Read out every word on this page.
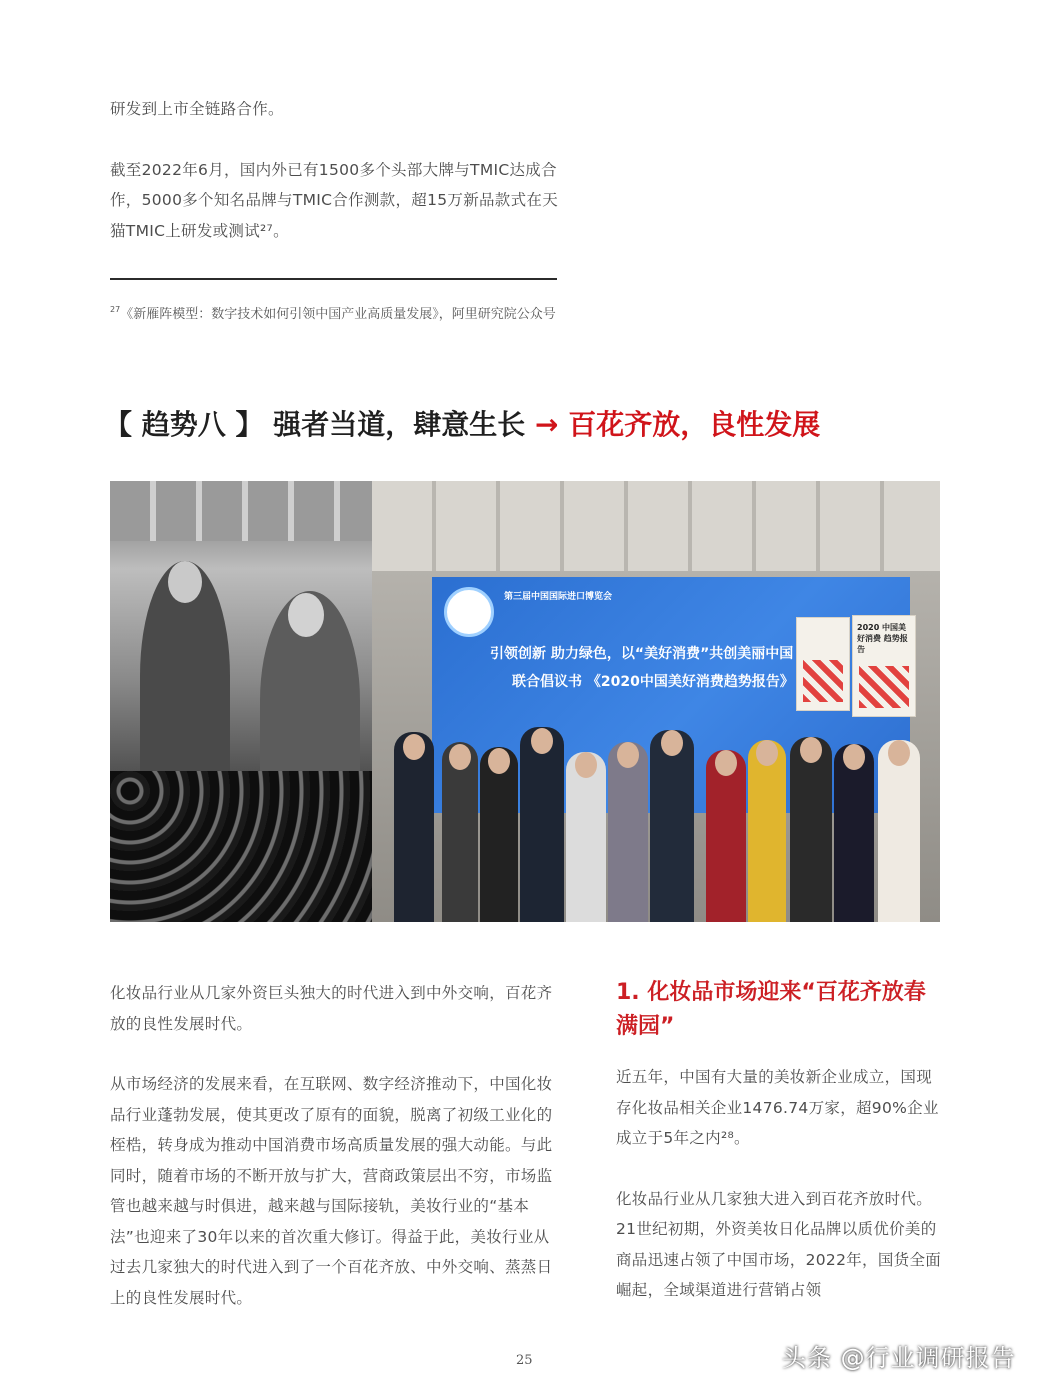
研发到上市全链路合作。

截至2022年6月，国内外已有1500多个头部大牌与TMIC达成合作，5000多个知名品牌与TMIC合作测款，超15万新品款式在天猫TMIC上研发或测试²⁷。

$^{27}$《新雁阵模型：数字技术如何引领中国产业高质量发展》，阿里研究院公众号
【 趋势八 】 强者当道，肆意生长 → 百花齐放，良性发展
第三届中国国际进口博览会
引领创新 助力绿色，以“美好消费”共创美丽中国
联合倡议书 《2020中国美好消费趋势报告》
2020 中国美好消费 趋势报告

化妆品行业从几家外资巨头独大的时代进入到中外交响，百花齐放的良性发展时代。

从市场经济的发展来看，在互联网、数字经济推动下，中国化妆品行业蓬勃发展，使其更改了原有的面貌，脱离了初级工业化的桎梏，转身成为推动中国消费市场高质量发展的强大动能。与此同时，随着市场的不断开放与扩大，营商政策层出不穷，市场监管也越来越与时俱进，越来越与国际接轨，美妆行业的“基本法”也迎来了30年以来的首次重大修订。得益于此，美妆行业从过去几家独大的时代进入到了一个百花齐放、中外交响、蒸蒸日上的良性发展时代。

1. 化妆品市场迎来“百花齐放春满园”

近五年，中国有大量的美妆新企业成立，国现存化妆品相关企业1476.74万家，超90%企业成立于5年之内²⁸。

化妆品行业从几家独大进入到百花齐放时代。21世纪初期，外资美妆日化品牌以质优价美的商品迅速占领了中国市场，2022年，国货全面崛起，全域渠道进行营销占领

25	头条 @行业调研报告
